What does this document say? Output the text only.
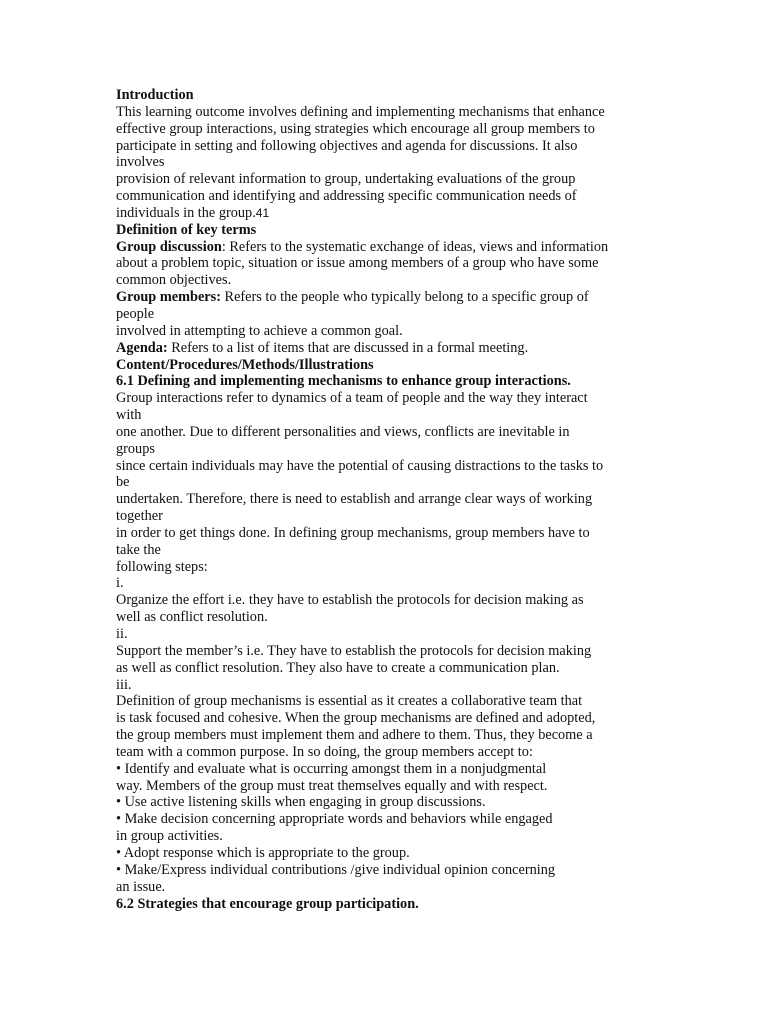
Introduction
This learning outcome involves defining and implementing mechanisms that enhance
effective group interactions, using strategies which encourage all group members to
participate in setting and following objectives and agenda for discussions. It also
involves
provision of relevant information to group, undertaking evaluations of the group
communication and identifying and addressing specific communication needs of
individuals in the group.41
Definition of key terms
Group discussion: Refers to the systematic exchange of ideas, views and information
about a problem topic, situation or issue among members of a group who have some
common objectives.
Group members: Refers to the people who typically belong to a specific group of
people
involved in attempting to achieve a common goal.
Agenda: Refers to a list of items that are discussed in a formal meeting.
Content/Procedures/Methods/Illustrations
6.1 Defining and implementing mechanisms to enhance group interactions.
Group interactions refer to dynamics of a team of people and the way they interact
with
one another. Due to different personalities and views, conflicts are inevitable in
groups
since certain individuals may have the potential of causing distractions to the tasks to
be
undertaken. Therefore, there is need to establish and arrange clear ways of working
together
in order to get things done. In defining group mechanisms, group members have to
take the
following steps:
i.
Organize the effort i.e. they have to establish the protocols for decision making as
well as conflict resolution.
ii.
Support the member’s i.e. They have to establish the protocols for decision making
as well as conflict resolution. They also have to create a communication plan.
iii.
Definition of group mechanisms is essential as it creates a collaborative team that
is task focused and cohesive. When the group mechanisms are defined and adopted,
the group members must implement them and adhere to them. Thus, they become a
team with a common purpose. In so doing, the group members accept to:
• Identify and evaluate what is occurring amongst them in a nonjudgmental
way. Members of the group must treat themselves equally and with respect.
• Use active listening skills when engaging in group discussions.
• Make decision concerning appropriate words and behaviors while engaged
in group activities.
• Adopt response which is appropriate to the group.
• Make/Express individual contributions /give individual opinion concerning
an issue.
6.2 Strategies that encourage group participation.
